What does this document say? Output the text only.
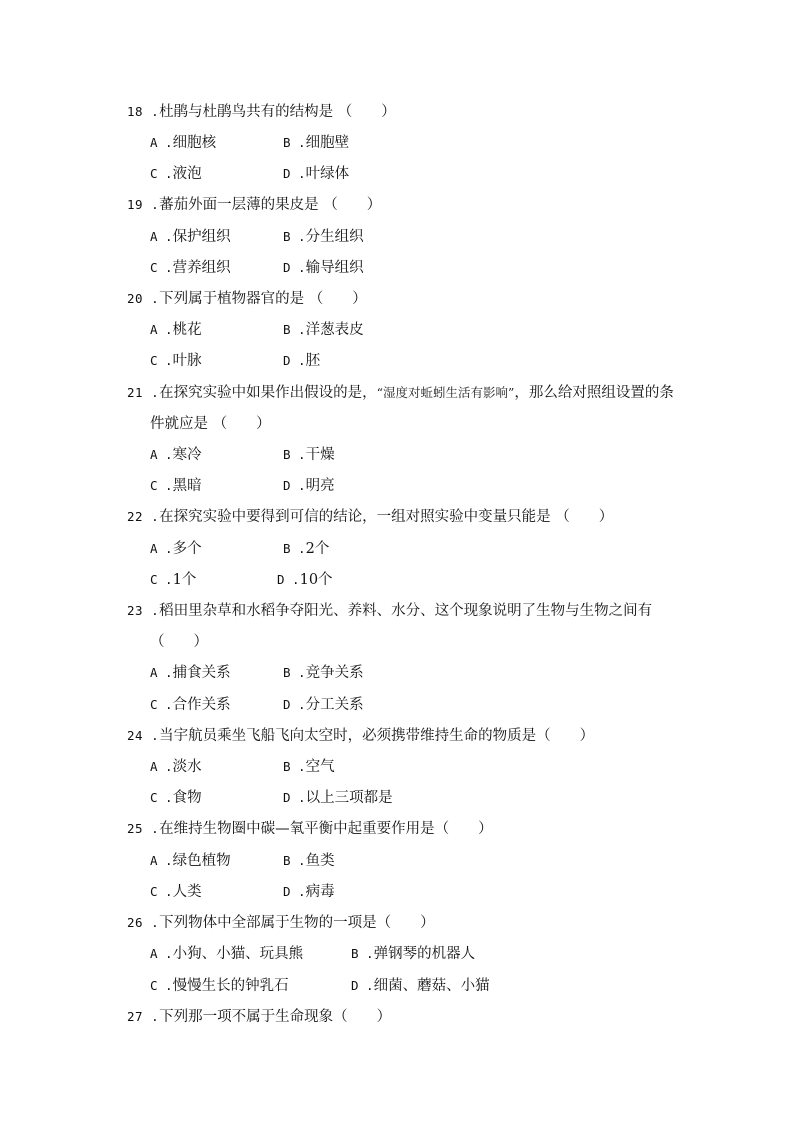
18 .杜鹃与杜鹃鸟共有的结构是 （　　）
A .细胞核	B .细胞壁
C .液泡	D .叶绿体
19 .蕃茄外面一层薄的果皮是 （　　）
A .保护组织	B .分生组织
C .营养组织	D .输导组织
20 .下列属于植物器官的是 （　　）
A .桃花	B .洋葱表皮
C .叶脉	D .胚
21 .在探究实验中如果作出假设的是，“湿度对蚯蚓生活有影响”，那么给对照组设置的条
件就应是 （　　）
A .寒冷	B .干燥
C .黑暗	D .明亮
22 .在探究实验中要得到可信的结论，一组对照实验中变量只能是 （　　）
A .多个	B .2个
C .1个	D .10个
23 .稻田里杂草和水稻争夺阳光、养料、水分、这个现象说明了生物与生物之间有
（　　）
A .捕食关系	B .竞争关系
C .合作关系	D .分工关系
24 .当宇航员乘坐飞船飞向太空时，必须携带维持生命的物质是（　　）
A .淡水	B .空气
C .食物	D .以上三项都是
25 .在维持生物圈中碳—氧平衡中起重要作用是（　　）
A .绿色植物	B .鱼类
C .人类	D .病毒
26 .下列物体中全部属于生物的一项是（　　）
A .小狗、小猫、玩具熊	B .弹钢琴的机器人
C .慢慢生长的钟乳石	D .细菌、蘑菇、小猫
27 .下列那一项不属于生命现象（　　）
